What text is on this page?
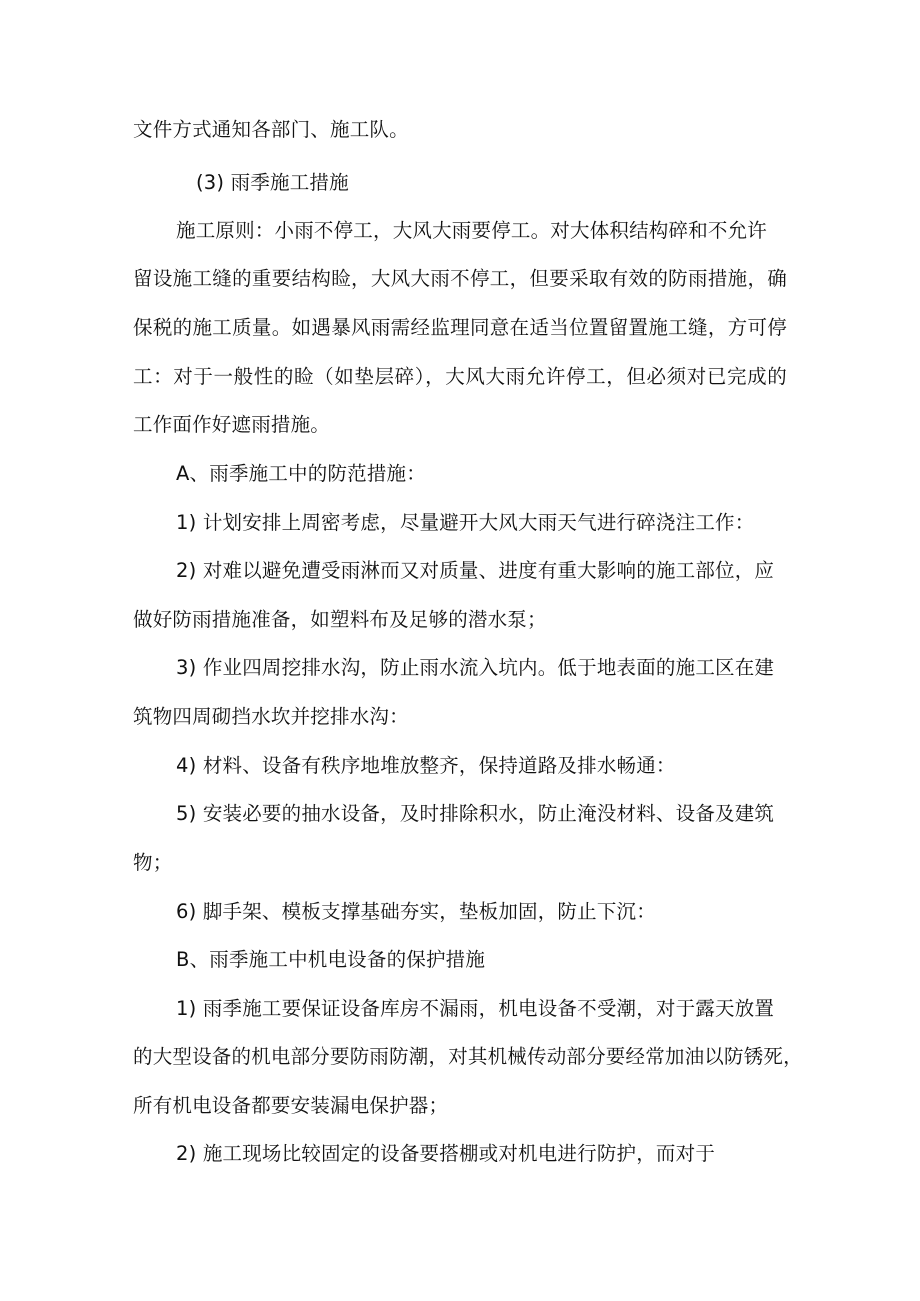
文件方式通知各部门、施工队。
(3) 雨季施工措施
施工原则：小雨不停工，大风大雨要停工。对大体积结构碎和不允许
留设施工缝的重要结构睑，大风大雨不停工，但要采取有效的防雨措施，确
保税的施工质量。如遇暴风雨需经监理同意在适当位置留置施工缝，方可停
工：对于一般性的睑（如垫层碎），大风大雨允许停工，但必须对已完成的
工作面作好遮雨措施。
A、雨季施工中的防范措施：
1) 计划安排上周密考虑，尽量避开大风大雨天气进行碎浇注工作：
2) 对难以避免遭受雨淋而又对质量、进度有重大影响的施工部位，应
做好防雨措施准备，如塑料布及足够的潜水泵；
3) 作业四周挖排水沟，防止雨水流入坑内。低于地表面的施工区在建
筑物四周砌挡水坎并挖排水沟：
4) 材料、设备有秩序地堆放整齐，保持道路及排水畅通：
5) 安装必要的抽水设备，及时排除积水，防止淹没材料、设备及建筑
物；
6) 脚手架、模板支撑基础夯实，垫板加固，防止下沉：
B、雨季施工中机电设备的保护措施
1) 雨季施工要保证设备库房不漏雨，机电设备不受潮，对于露天放置
的大型设备的机电部分要防雨防潮，对其机械传动部分要经常加油以防锈死，
所有机电设备都要安装漏电保护器；
2) 施工现场比较固定的设备要搭棚或对机电进行防护，而对于
